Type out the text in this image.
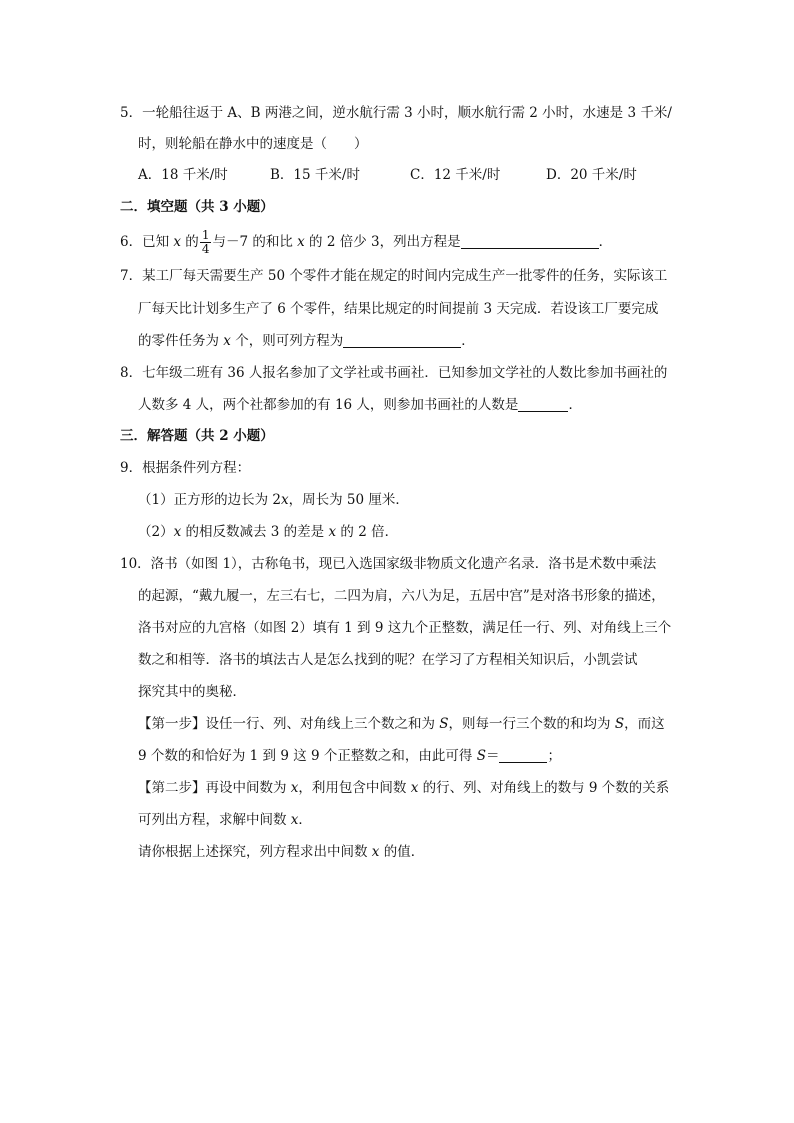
5．一轮船往返于 A、B 两港之间，逆水航行需 3 小时，顺水航行需 2 小时，水速是 3 千米/
时，则轮船在静水中的速度是（　　）
A．18 千米/时	B．15 千米/时	C．12 千米/时	D．20 千米/时
二．填空题（共 3 小题）
6．已知 x 的 $\frac{1}{4}$ 与－7 的和比 x 的 2 倍少 3，列出方程是	．
7．某工厂每天需要生产 50 个零件才能在规定的时间内完成生产一批零件的任务，实际该工
厂每天比计划多生产了 6 个零件，结果比规定的时间提前 3 天完成．若设该工厂要完成
的零件任务为 x 个，则可列方程为	．
8．七年级二班有 36 人报名参加了文学社或书画社．已知参加文学社的人数比参加书画社的
人数多 4 人，两个社都参加的有 16 人，则参加书画社的人数是	．
三．解答题（共 2 小题）
9．根据条件列方程：
（1）正方形的边长为 2x，周长为 50 厘米．
（2）x 的相反数减去 3 的差是 x 的 2 倍．
10．洛书（如图 1），古称龟书，现已入选国家级非物质文化遗产名录．洛书是术数中乘法
的起源，“戴九履一，左三右七，二四为肩，六八为足，五居中宫”是对洛书形象的描述，
洛书对应的九宫格（如图 2）填有 1 到 9 这九个正整数，满足任一行、列、对角线上三个
数之和相等．洛书的填法古人是怎么找到的呢？在学习了方程相关知识后，小凯尝试
探究其中的奥秘．
【第一步】设任一行、列、对角线上三个数之和为 S，则每一行三个数的和均为 S，而这
9 个数的和恰好为 1 到 9 这 9 个正整数之和，由此可得 S＝	；
【第二步】再设中间数为 x，利用包含中间数 x 的行、列、对角线上的数与 9 个数的关系
可列出方程，求解中间数 x．
请你根据上述探究，列方程求出中间数 x 的值．
